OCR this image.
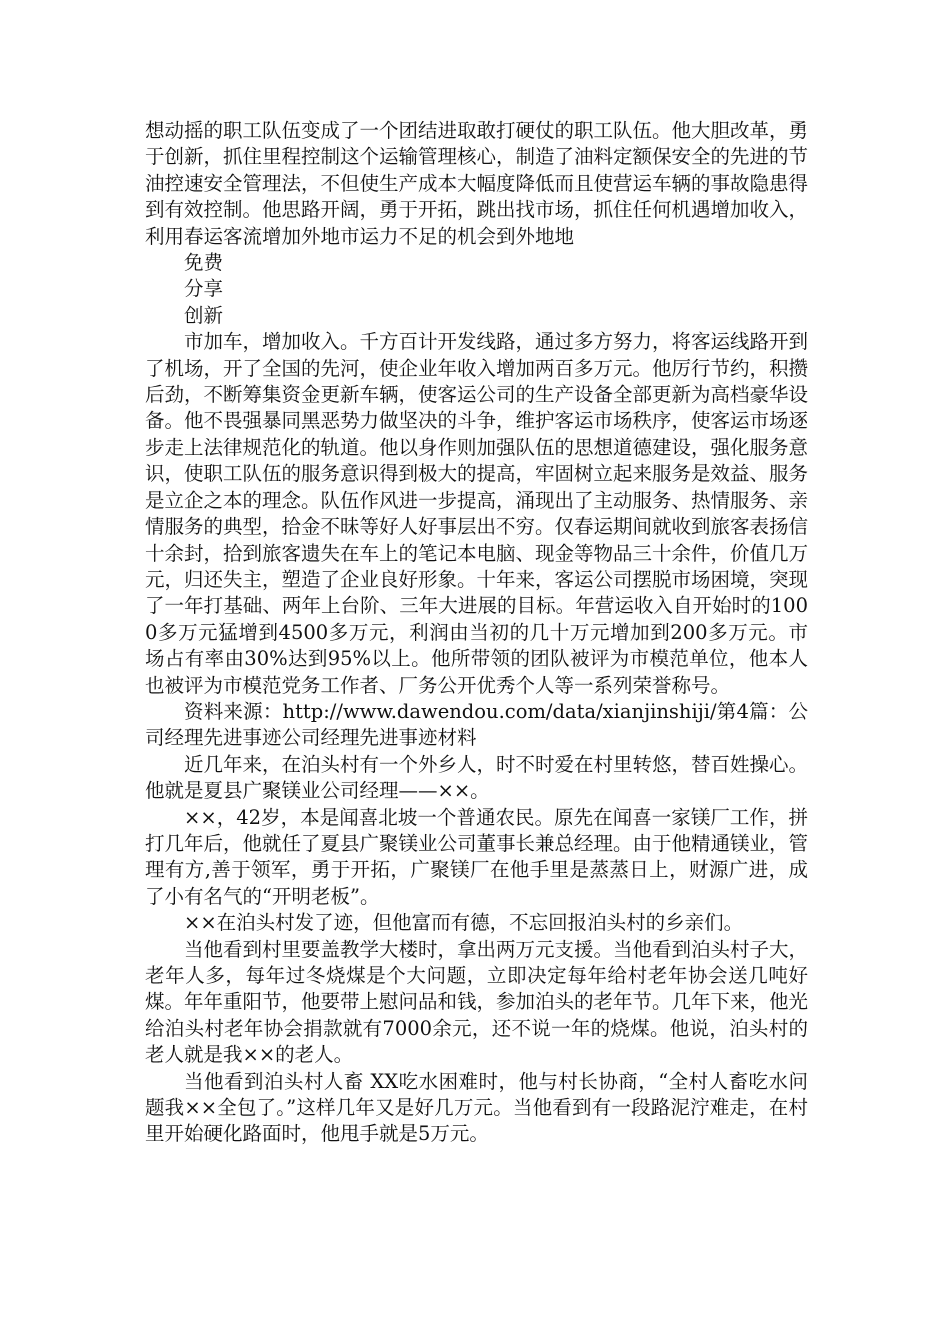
想动摇的职工队伍变成了一个团结进取敢打硬仗的职工队伍。他大胆改革，勇于创新，抓住里程控制这个运输管理核心，制造了油料定额保安全的先进的节油控速安全管理法，不但使生产成本大幅度降低而且使营运车辆的事故隐患得到有效控制。他思路开阔，勇于开拓，跳出找市场，抓住任何机遇增加收入，利用春运客流增加外地市运力不足的机会到外地地

免费

分享

创新

市加车，增加收入。千方百计开发线路，通过多方努力，将客运线路开到了机场，开了全国的先河，使企业年收入增加两百多万元。他厉行节约，积攒后劲，不断筹集资金更新车辆，使客运公司的生产设备全部更新为高档豪华设备。他不畏强暴同黑恶势力做坚决的斗争，维护客运市场秩序，使客运市场逐步走上法律规范化的轨道。他以身作则加强队伍的思想道德建设，强化服务意识，使职工队伍的服务意识得到极大的提高，牢固树立起来服务是效益、服务是立企之本的理念。队伍作风进一步提高，涌现出了主动服务、热情服务、亲情服务的典型，拾金不昧等好人好事层出不穷。仅春运期间就收到旅客表扬信十余封，拾到旅客遗失在车上的笔记本电脑、现金等物品三十余件，价值几万元，归还失主，塑造了企业良好形象。十年来，客运公司摆脱市场困境，突现了一年打基础、两年上台阶、三年大进展的目标。年营运收入自开始时的1000多万元猛增到4500多万元，利润由当初的几十万元增加到200多万元。市场占有率由30%达到95%以上。他所带领的团队被评为市模范单位，他本人也被评为市模范党务工作者、厂务公开优秀个人等一系列荣誉称号。

资料来源：http://www.dawendou.com/data/xianjinshiji/第4篇：公司经理先进事迹公司经理先进事迹材料

近几年来，在泊头村有一个外乡人，时不时爱在村里转悠，替百姓操心。他就是夏县广聚镁业公司经理——××。

××，42岁，本是闻喜北坡一个普通农民。原先在闻喜一家镁厂工作，拼打几年后，他就任了夏县广聚镁业公司董事长兼总经理。由于他精通镁业，管理有方,善于领军，勇于开拓，广聚镁厂在他手里是蒸蒸日上，财源广进，成了小有名气的“开明老板”。

××在泊头村发了迹，但他富而有德，不忘回报泊头村的乡亲们。

当他看到村里要盖教学大楼时，拿出两万元支援。当他看到泊头村子大，老年人多，每年过冬烧煤是个大问题，立即决定每年给村老年协会送几吨好煤。年年重阳节，他要带上慰问品和钱，参加泊头的老年节。几年下来，他光给泊头村老年协会捐款就有7000余元，还不说一年的烧煤。他说，泊头村的老人就是我××的老人。

当他看到泊头村人畜 XX吃水困难时，他与村长协商，“全村人畜吃水问题我××全包了。”这样几年又是好几万元。当他看到有一段路泥泞难走，在村里开始硬化路面时，他甩手就是5万元。
